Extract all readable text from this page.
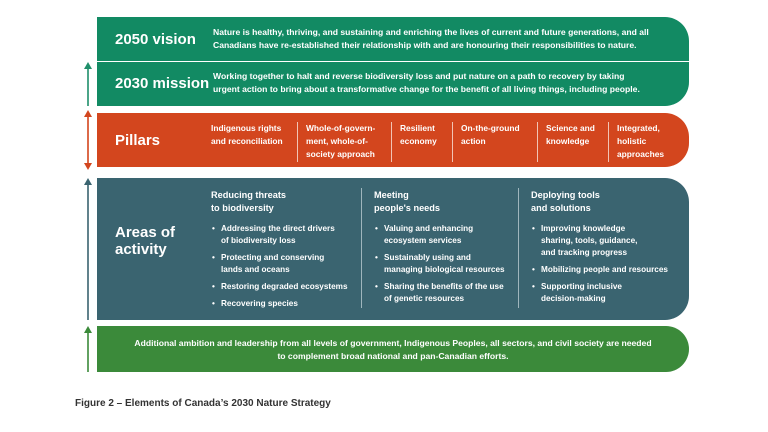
2050 vision Nature is healthy, thriving, and sustaining and enriching the lives of current and future generations, and all
Canadians have re-established their relationship with and are honouring their responsibilities to nature.
2030 mission Working together to halt and reverse biodiversity loss and put nature on a path to recovery by taking
urgent action to bring about a transformative change for the benefit of all living things, including people.
Pillars
Indigenous rights
and reconciliation
Whole-of-govern-
ment, whole-of-
society approach
Resilient
economy
On-the-ground
action
Science and
knowledge
Integrated,
holistic
approaches
Areas of
activity
Reducing threats
to biodiversity
• Addressing the direct drivers
of biodiversity loss
• Protecting and conserving
lands and oceans
• Restoring degraded ecosystems
• Recovering species
Meeting
people's needs
• Valuing and enhancing
ecosystem services
• Sustainably using and
managing biological resources
• Sharing the benefits of the use
of genetic resources
Deploying tools
and solutions
• Improving knowledge
sharing, tools, guidance,
and tracking progress
• Mobilizing people and resources
• Supporting inclusive
decision-making
Additional ambition and leadership from all levels of government, Indigenous Peoples, all sectors, and civil society are needed
to complement broad national and pan-Canadian efforts.
Figure 2 – Elements of Canada’s 2030 Nature Strategy
